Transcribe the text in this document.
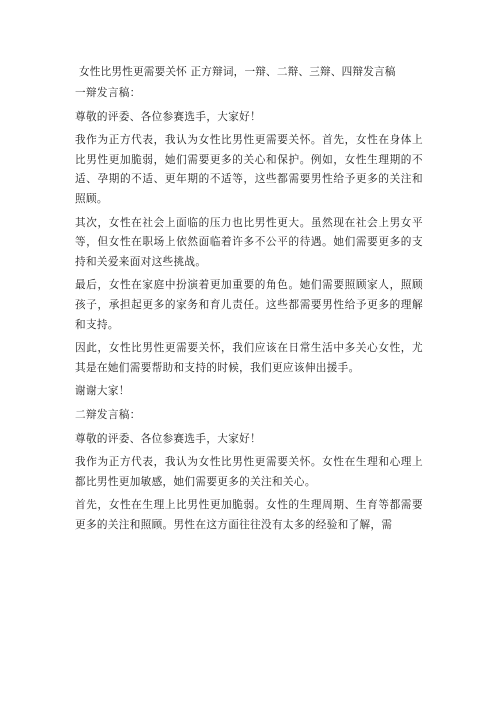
女性比男性更需要关怀 正方辩词，一辩、二辩、三辩、四辩发言稿

一辩发言稿：

尊敬的评委、各位参赛选手，大家好！

我作为正方代表，我认为女性比男性更需要关怀。首先，女性在身体上比男性更加脆弱，她们需要更多的关心和保护。例如，女性生理期的不适、孕期的不适、更年期的不适等，这些都需要男性给予更多的关注和照顾。

其次，女性在社会上面临的压力也比男性更大。虽然现在社会上男女平等，但女性在职场上依然面临着许多不公平的待遇。她们需要更多的支持和关爱来面对这些挑战。

最后，女性在家庭中扮演着更加重要的角色。她们需要照顾家人，照顾孩子，承担起更多的家务和育儿责任。这些都需要男性给予更多的理解和支持。

因此，女性比男性更需要关怀，我们应该在日常生活中多关心女性，尤其是在她们需要帮助和支持的时候，我们更应该伸出援手。

谢谢大家！

二辩发言稿：

尊敬的评委、各位参赛选手，大家好！

我作为正方代表，我认为女性比男性更需要关怀。女性在生理和心理上都比男性更加敏感，她们需要更多的关注和关心。

首先，女性在生理上比男性更加脆弱。女性的生理周期、生育等都需要更多的关注和照顾。男性在这方面往往没有太多的经验和了解，需
